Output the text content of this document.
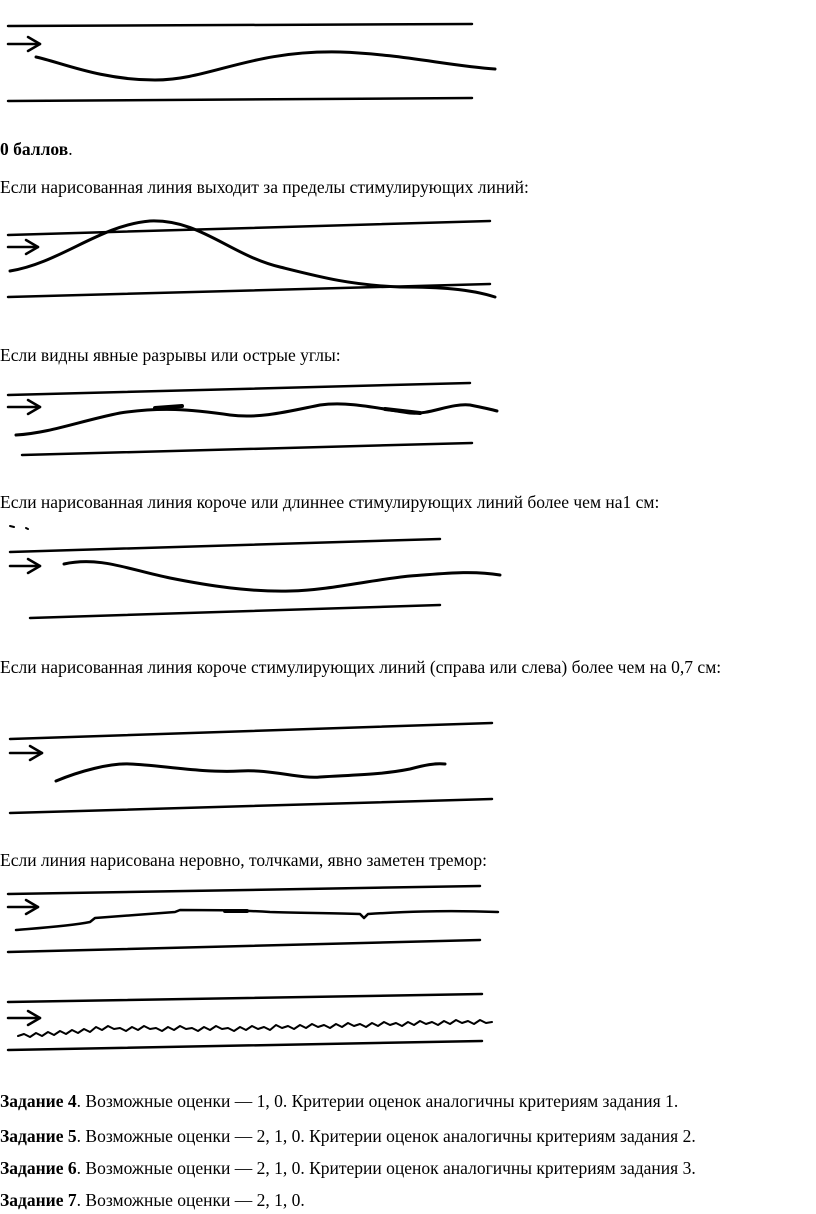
0 баллов.
Если нарисованная линия выходит за пределы стимулирующих линий:
Если видны явные разрывы или острые углы:
Если нарисованная линия короче или длиннее стимулирующих линий более чем на1 см:
Если нарисованная линия короче стимулирующих линий (справа или слева) более чем на 0,7 см:
Если линия нарисована неровно, толчками, явно заметен тремор:
Задание 4. Возможные оценки — 1, 0. Критерии оценок аналогичны критериям задания 1.
Задание 5. Возможные оценки — 2, 1, 0. Критерии оценок аналогичны критериям задания 2.
Задание 6. Возможные оценки — 2, 1, 0. Критерии оценок аналогичны критериям задания 3.
Задание 7. Возможные оценки — 2, 1, 0.
